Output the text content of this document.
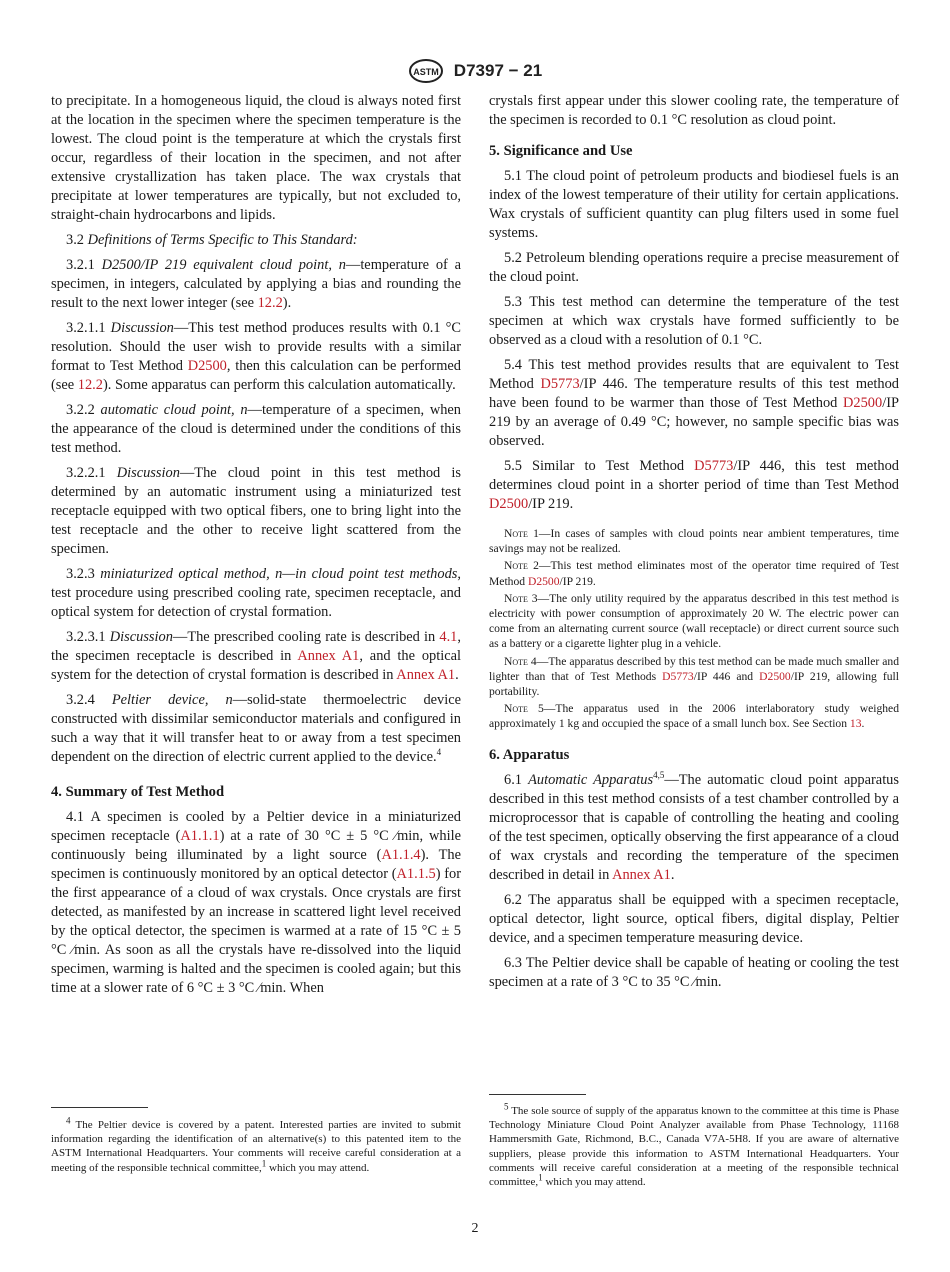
ASTM D7397 − 21

to precipitate. In a homogeneous liquid, the cloud is always noted first at the location in the specimen where the specimen temperature is the lowest. The cloud point is the temperature at which the crystals first occur, regardless of their location in the specimen, and not after extensive crystallization has taken place. The wax crystals that precipitate at lower temperatures are typically, but not excluded to, straight-chain hydrocarbons and lipids.

3.2 Definitions of Terms Specific to This Standard:

3.2.1 D2500/IP 219 equivalent cloud point, n—temperature of a specimen, in integers, calculated by applying a bias and rounding the result to the next lower integer (see 12.2).

3.2.1.1 Discussion—This test method produces results with 0.1 °C resolution. Should the user wish to provide results with a similar format to Test Method D2500, then this calculation can be performed (see 12.2). Some apparatus can perform this calculation automatically.

3.2.2 automatic cloud point, n—temperature of a specimen, when the appearance of the cloud is determined under the conditions of this test method.

3.2.2.1 Discussion—The cloud point in this test method is determined by an automatic instrument using a miniaturized test receptacle equipped with two optical fibers, one to bring light into the test receptacle and the other to receive light scattered from the specimen.

3.2.3 miniaturized optical method, n—in cloud point test methods, test procedure using prescribed cooling rate, specimen receptacle, and optical system for detection of crystal formation.

3.2.3.1 Discussion—The prescribed cooling rate is described in 4.1, the specimen receptacle is described in Annex A1, and the optical system for the detection of crystal formation is described in Annex A1.

3.2.4 Peltier device, n—solid-state thermoelectric device constructed with dissimilar semiconductor materials and configured in such a way that it will transfer heat to or away from a test specimen dependent on the direction of electric current applied to the device.$^4$

4. Summary of Test Method

4.1 A specimen is cooled by a Peltier device in a miniaturized specimen receptacle (A1.1.1) at a rate of 30 °C ± 5 °C ⁄min, while continuously being illuminated by a light source (A1.1.4). The specimen is continuously monitored by an optical detector (A1.1.5) for the first appearance of a cloud of wax crystals. Once crystals are first detected, as manifested by an increase in scattered light level received by the optical detector, the specimen is warmed at a rate of 15 °C ± 5 °C ⁄min. As soon as all the crystals have re-dissolved into the liquid specimen, warming is halted and the specimen is cooled again; but this time at a slower rate of 6 °C ± 3 °C ⁄min. When

$^4$ The Peltier device is covered by a patent. Interested parties are invited to submit information regarding the identification of an alternative(s) to this patented item to the ASTM International Headquarters. Your comments will receive careful consideration at a meeting of the responsible technical committee,$^1$ which you may attend.

crystals first appear under this slower cooling rate, the temperature of the specimen is recorded to 0.1 °C resolution as cloud point.

5. Significance and Use

5.1 The cloud point of petroleum products and biodiesel fuels is an index of the lowest temperature of their utility for certain applications. Wax crystals of sufficient quantity can plug filters used in some fuel systems.

5.2 Petroleum blending operations require a precise measurement of the cloud point.

5.3 This test method can determine the temperature of the test specimen at which wax crystals have formed sufficiently to be observed as a cloud with a resolution of 0.1 °C.

5.4 This test method provides results that are equivalent to Test Method D5773/IP 446. The temperature results of this test method have been found to be warmer than those of Test Method D2500/IP 219 by an average of 0.49 °C; however, no sample specific bias was observed.

5.5 Similar to Test Method D5773/IP 446, this test method determines cloud point in a shorter period of time than Test Method D2500/IP 219.

Note 1—In cases of samples with cloud points near ambient temperatures, time savings may not be realized.

Note 2—This test method eliminates most of the operator time required of Test Method D2500/IP 219.

Note 3—The only utility required by the apparatus described in this test method is electricity with power consumption of approximately 20 W. The electric power can come from an alternating current source (wall receptacle) or direct current source such as a battery or a cigarette lighter plug in a vehicle.

Note 4—The apparatus described by this test method can be made much smaller and lighter than that of Test Methods D5773/IP 446 and D2500/IP 219, allowing full portability.

Note 5—The apparatus used in the 2006 interlaboratory study weighed approximately 1 kg and occupied the space of a small lunch box. See Section 13.

6. Apparatus

6.1 Automatic Apparatus$^{4,5}$—The automatic cloud point apparatus described in this test method consists of a test chamber controlled by a microprocessor that is capable of controlling the heating and cooling of the test specimen, optically observing the first appearance of a cloud of wax crystals and recording the temperature of the specimen described in detail in Annex A1.

6.2 The apparatus shall be equipped with a specimen receptacle, optical detector, light source, optical fibers, digital display, Peltier device, and a specimen temperature measuring device.

6.3 The Peltier device shall be capable of heating or cooling the test specimen at a rate of 3 °C to 35 °C ⁄min.

$^5$ The sole source of supply of the apparatus known to the committee at this time is Phase Technology Miniature Cloud Point Analyzer available from Phase Technology, 11168 Hammersmith Gate, Richmond, B.C., Canada V7A-5H8. If you are aware of alternative suppliers, please provide this information to ASTM International Headquarters. Your comments will receive careful consideration at a meeting of the responsible technical committee,$^1$ which you may attend.
2
